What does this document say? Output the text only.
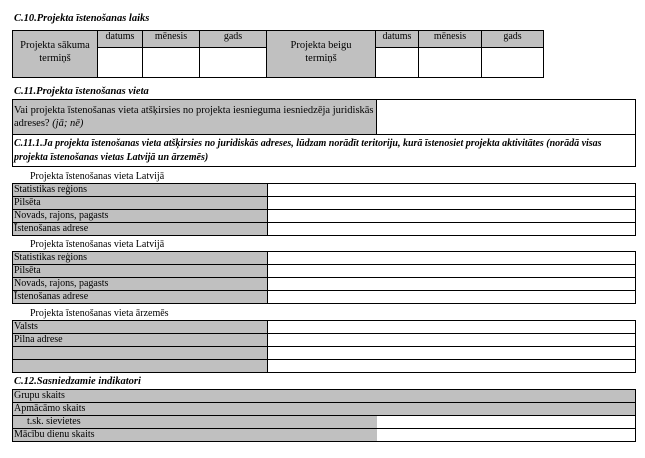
C.10.Projekta īstenošanas laiks
Projekta sākuma termiņš
datums	mēnesis	gads
Projekta beigu termiņš
datums	mēnesis	gads
C.11.Projekta īstenošanas vieta
Vai projekta īstenošanas vieta atšķirsies no projekta iesnieguma iesniedzēja juridiskās adreses? (jā; nē)
C.11.1.Ja projekta īstenošanas vieta atšķirsies no juridiskās adreses, lūdzam norādīt teritoriju, kurā īstenosiet projekta aktivitātes (norādā visas projekta īstenošanas vietas Latvijā un ārzemēs)
Projekta īstenošanas vieta Latvijā
Statistikas reģions
Pilsēta
Novads, rajons, pagasts
Īstenošanas adrese
Projekta īstenošanas vieta Latvijā
Statistikas reģions
Pilsēta
Novads, rajons, pagasts
Īstenošanas adrese
Projekta īstenošanas vieta ārzemēs
Valsts
Pilna adrese
C.12.Sasniedzamie indikatori
Grupu skaits
Apmācāmo skaits
t.sk. sievietes
Mācību dienu skaits
